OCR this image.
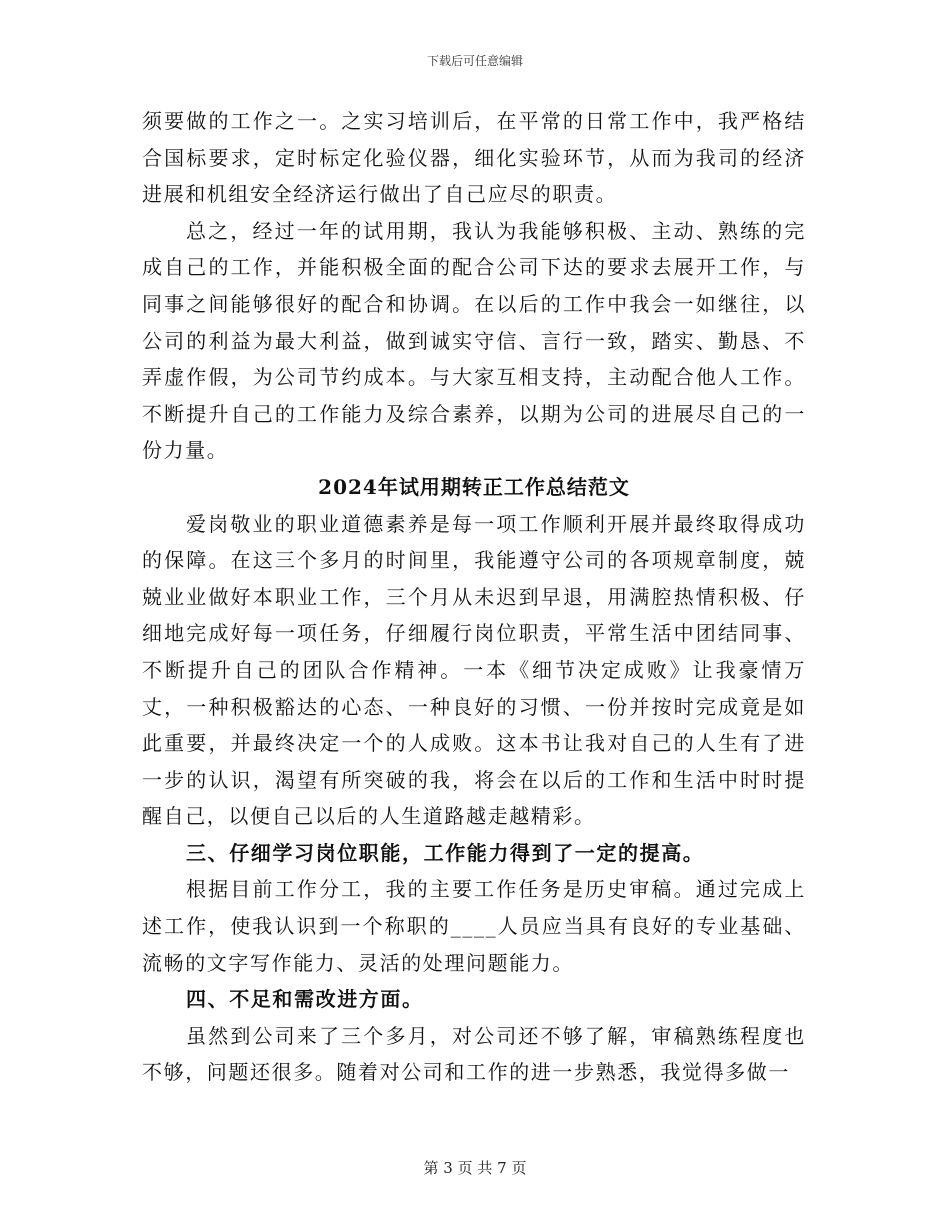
下载后可任意编辑

须要做的工作之一。之实习培训后，在平常的日常工作中，我严格结合国标要求，定时标定化验仪器，细化实验环节，从而为我司的经济进展和机组安全经济运行做出了自己应尽的职责。

总之，经过一年的试用期，我认为我能够积极、主动、熟练的完成自己的工作，并能积极全面的配合公司下达的要求去展开工作，与同事之间能够很好的配合和协调。在以后的工作中我会一如继往，以公司的利益为最大利益，做到诚实守信、言行一致，踏实、勤恳、不弄虚作假，为公司节约成本。与大家互相支持，主动配合他人工作。不断提升自己的工作能力及综合素养，以期为公司的进展尽自己的一份力量。

2024年试用期转正工作总结范文

爱岗敬业的职业道德素养是每一项工作顺利开展并最终取得成功的保障。在这三个多月的时间里，我能遵守公司的各项规章制度，兢兢业业做好本职业工作，三个月从未迟到早退，用满腔热情积极、仔细地完成好每一项任务，仔细履行岗位职责，平常生活中团结同事、不断提升自己的团队合作精神。一本《细节决定成败》让我豪情万丈，一种积极豁达的心态、一种良好的习惯、一份并按时完成竟是如此重要，并最终决定一个的人成败。这本书让我对自己的人生有了进一步的认识，渴望有所突破的我，将会在以后的工作和生活中时时提醒自己，以便自己以后的人生道路越走越精彩。

三、仔细学习岗位职能，工作能力得到了一定的提高。

根据目前工作分工，我的主要工作任务是历史审稿。通过完成上述工作，使我认识到一个称职的____人员应当具有良好的专业基础、流畅的文字写作能力、灵活的处理问题能力。

四、不足和需改进方面。

虽然到公司来了三个多月，对公司还不够了解，审稿熟练程度也不够，问题还很多。随着对公司和工作的进一步熟悉，我觉得多做一

第 3 页 共 7 页
